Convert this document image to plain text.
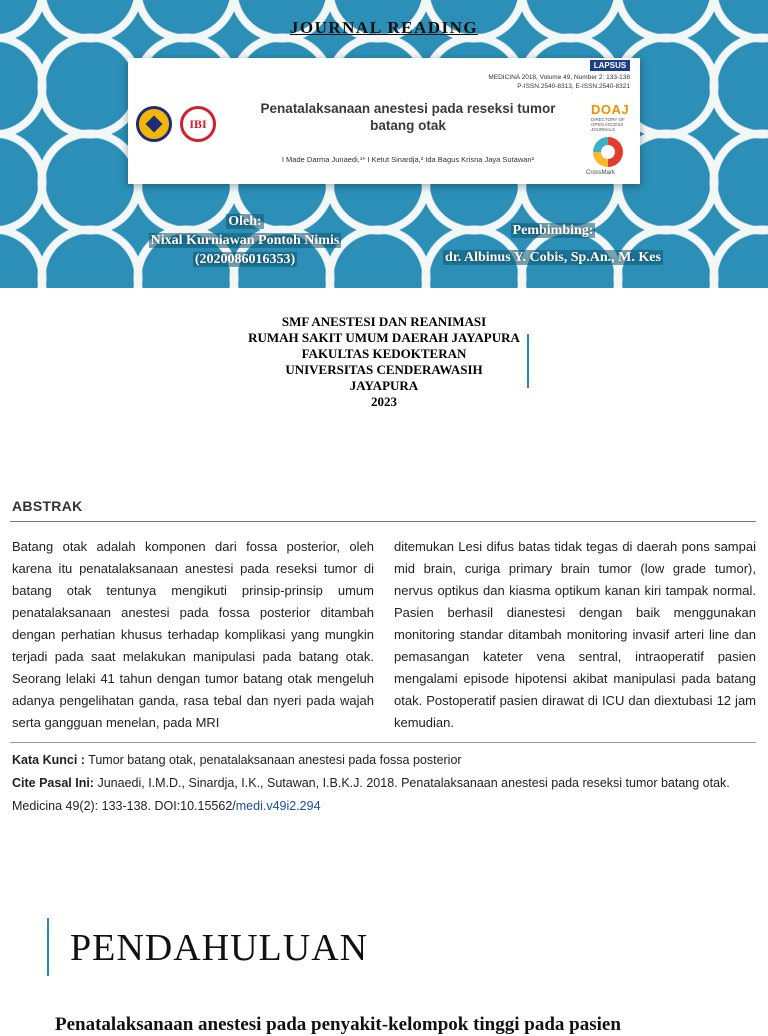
JOURNAL READING
LAPSUS
MEDICINA 2018, Volume 49, Number 2: 133-138
P-ISSN.2540-8313, E-ISSN.2540-8321
IBI
Penatalaksanaan anestesi pada reseksi tumor batang otak
I Made Darma Junaedi,¹* I Ketut Sinardja,² Ida Bagus Krisna Jaya Sutawan²
DOAJ
DIRECTORY OF OPEN ACCESS JOURNALS
CrossMark
Oleh:
Nixal Kurniawan Pontoh Nimis
(2020086016353)
Pembimbing:
dr. Albinus Y. Cobis, Sp.An., M. Kes
SMF ANESTESI DAN REANIMASI
RUMAH SAKIT UMUM DAERAH JAYAPURA
FAKULTAS KEDOKTERAN
UNIVERSITAS CENDERAWASIH
JAYAPURA
2023
ABSTRAK
Batang otak adalah komponen dari fossa posterior, oleh karena itu penatalaksanaan anestesi pada reseksi tumor di batang otak tentunya mengikuti prinsip-prinsip umum penatalaksanaan anestesi pada fossa posterior ditambah dengan perhatian khusus terhadap komplikasi yang mungkin terjadi pada saat melakukan manipulasi pada batang otak. Seorang lelaki 41 tahun dengan tumor batang otak mengeluh adanya pengelihatan ganda, rasa tebal dan nyeri pada wajah serta gangguan menelan, pada MRI
ditemukan Lesi difus batas tidak tegas di daerah pons sampai mid brain, curiga primary brain tumor (low grade tumor), nervus optikus dan kiasma optikum kanan kiri tampak normal. Pasien berhasil dianestesi dengan baik menggunakan monitoring standar ditambah monitoring invasif arteri line dan pemasangan kateter vena sentral, intraoperatif pasien mengalami episode hipotensi akibat manipulasi pada batang otak. Postoperatif pasien dirawat di ICU dan diextubasi 12 jam kemudian.
Kata Kunci : Tumor batang otak, penatalaksanaan anestesi pada fossa posterior
Cite Pasal Ini: Junaedi, I.M.D., Sinardja, I.K., Sutawan, I.B.K.J. 2018. Penatalaksanaan anestesi pada reseksi tumor batang otak. Medicina 49(2): 133-138. DOI:10.15562/medi.v49i2.294
PENDAHULUAN
Penatalaksanaan anestesi pada penyakit-kelompok tinggi pada pasien
